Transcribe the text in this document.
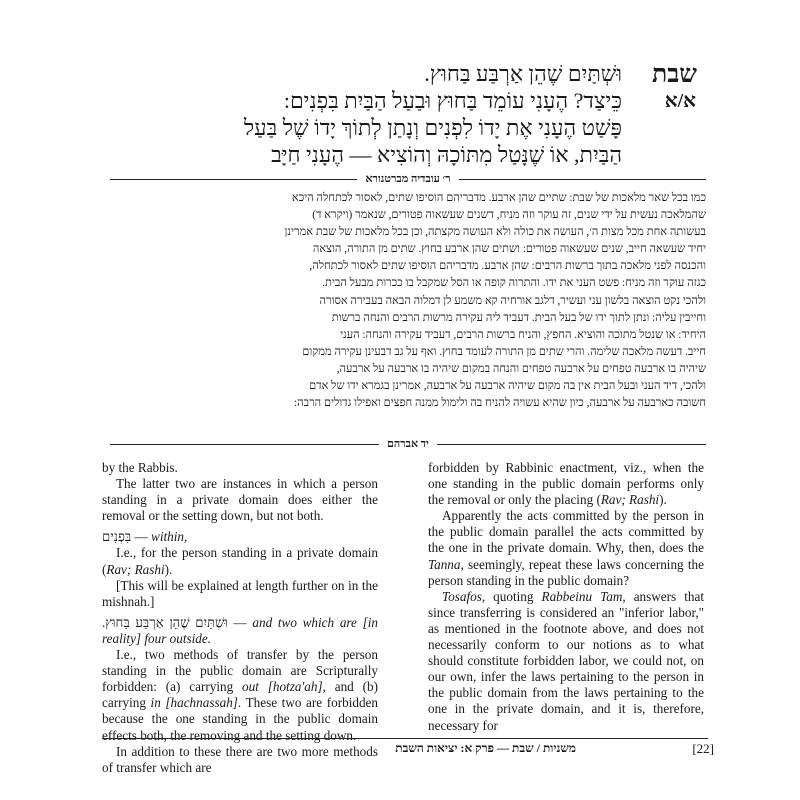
שבת
א/א
וּשְׁתַּיִם שֶׁהֵן אַרְבַּע בַּחוּץ.
כֵּיצַד? הֶעָנִי עוֹמֵד בַּחוּץ וּבַעַל הַבַּיִת בִּפְנִים:
פָּשַׁט הֶעָנִי אֶת יָדוֹ לִפְנִים וְנָתַן לְתוֹךְ יָדוֹ שֶׁל בַּעַל
הַבַּיִת, אוֹ שֶׁנָּטַל מִתּוֹכָהּ וְהוֹצִיא — הֶעָנִי חַיָּב
ר׳ עובדיה מברטנורא
כמו בכל שאר מלאכות של שבת: שתיים שהן ארבע. מדבריהם הוסיפו שתים, לאסור לכתחלה היכא
שהמלאכה נעשית על ידי שנים, זה עוקר וזה מניח, דשנים שעשאוה פטורים, שנאמר (ויקרא ד)
בעשותה אחת מכל מצות ה׳, העושה את כולה ולא העושה מקצתה, וכן בכל מלאכות של שבת אמרינן
יחיד שעשאה חייב, שנים שעשאוה פטורים: ושתים שהן ארבע בחוץ. שתים מן התורה, הוצאה
והכנסה לפני מלאכה בתוך ברשות הרבים: שהן ארבע. מדבריהם הוסיפו שתים לאסור לכתחלה,
כגזה עוקר וזה מניח: פשט העני את ידו. והתרוה קופה או הסל שמקבל בו ככרות מבעל הבית.
ולהכי נקט הוצאה בלשון עני ועשיר, דלגב אורחיה קא משמע לן דמלוה הבאה בעבירה אסורה
וחייבין עליה: ונתן לתוך ידו של בעל הבית. דעביד ליה עקירה מרשות הרבים והנחה ברשות
היחיד: או שנטל מתוכה והוציא. החפץ, והניח ברשות הרבים, דעביד עקירה והנחה: העני
חייב. דעשה מלאכה שלימה. והרי שתים מן התורה לעומד בחוץ. ואף על גב דבעינן עקירה ממקום
שיהיה בו ארבעה טפחים על ארבעה טפחים והנחה במקום שיהיה בו ארבעה על ארבעה,
ולהכי, דיד העני ובעל הבית אין בה מקום שיהיה ארבעה על ארבעה, אמרינן בגמרא ידו של אדם
חשובה כארבעה על ארבעה, כיון שהיא עשויה להניח בה ולימול ממנה חפצים ואפילו גדולים הרבה:
יד אברהם

by the Rabbis.

The latter two are instances in which a person standing in a private domain does either the removal or the setting down, but not both.

בִּפְנִים — within,

I.e., for the person standing in a private domain (Rav; Rashi).

[This will be explained at length further on in the mishnah.]

וּשְׁתַּיִם שֶׁהֵן אַרְבַּע בַּחוּץ. — and two which are [in reality] four outside.

I.e., two methods of transfer by the person standing in the public domain are Scripturally forbidden: (a) carrying out [hotza'ah], and (b) carrying in [hachnassah]. These two are forbidden because the one standing in the public domain effects both, the removing and the setting down.

In addition to these there are two more methods of transfer which are

forbidden by Rabbinic enactment, viz., when the one standing in the public domain performs only the removal or only the placing (Rav; Rashi).

Apparently the acts committed by the person in the public domain parallel the acts committed by the one in the private domain. Why, then, does the Tanna, seemingly, repeat these laws concerning the person standing in the public domain?

Tosafos, quoting Rabbeinu Tam, answers that since transferring is considered an "inferior labor," as mentioned in the footnote above, and does not necessarily conform to our notions as to what should constitute forbidden labor, we could not, on our own, infer the laws pertaining to the person in the public domain from the laws pertaining to the one in the private domain, and it is, therefore, necessary for

[22]
משניות / שבת — פרק א: יציאות השבת
